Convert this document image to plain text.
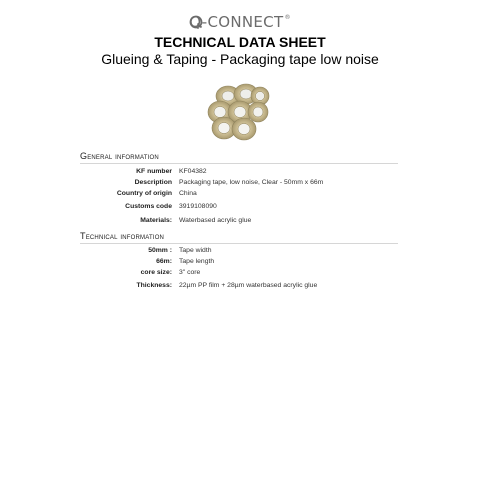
Q-CONNECT®
TECHNICAL DATA SHEET
Glueing & Taping - Packaging tape low noise
General information
KF number KF04382
Description Packaging tape, low noise, Clear - 50mm x 66m
Country of origin China
Customs code 3919108090
Materials: Waterbased acrylic glue
Technical information
50mm : Tape width
66m: Tape length
core size: 3" core
Thickness: 22µm PP film + 28µm waterbased acrylic glue
